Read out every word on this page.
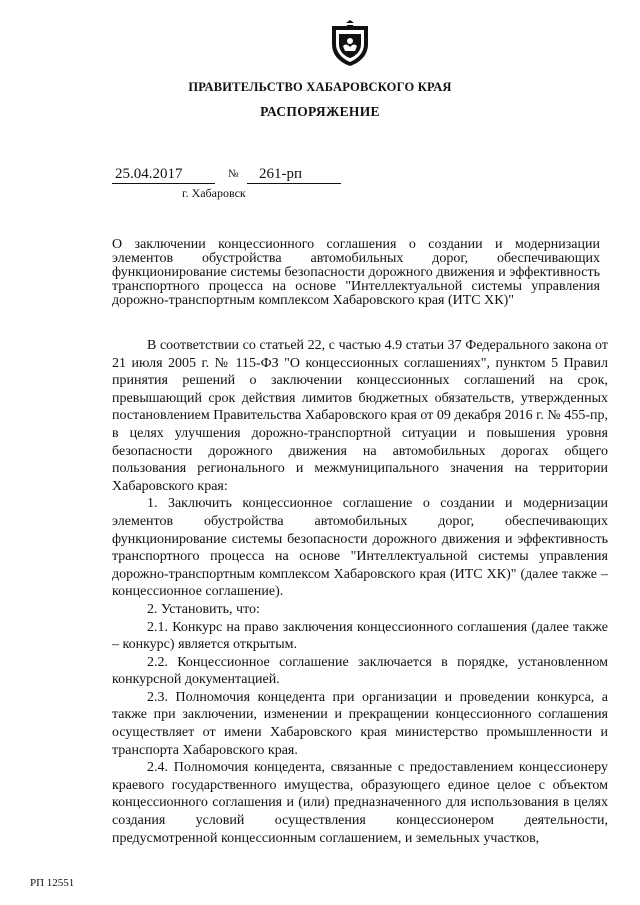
ПРАВИТЕЛЬСТВО ХАБАРОВСКОГО КРАЯ
РАСПОРЯЖЕНИЕ
25.04.2017	№	261-рп
г. Хабаровск
О заключении концессионного соглашения о создании и модернизации элементов обустройства автомобильных дорог, обеспечивающих функционирование системы безопасности дорожного движения и эффективность транспортного процесса на основе "Интеллектуальной системы управления дорожно-транспортным комплексом Хабаровского края (ИТС ХК)"

В соответствии со статьей 22, с частью 4.9 статьи 37 Федерального закона от 21 июля 2005 г. № 115-ФЗ "О концессионных соглашениях", пунктом 5 Правил принятия решений о заключении концессионных соглашений на срок, превышающий срок действия лимитов бюджетных обязательств, утвержденных постановлением Правительства Хабаровского края от 09 декабря 2016 г. № 455-пр, в целях улучшения дорожно-транспортной ситуации и повышения уровня безопасности дорожного движения на автомобильных дорогах общего пользования регионального и межмуниципального значения на территории Хабаровского края:

1. Заключить концессионное соглашение о создании и модернизации элементов обустройства автомобильных дорог, обеспечивающих функционирование системы безопасности дорожного движения и эффективность транспортного процесса на основе "Интеллектуальной системы управления дорожно-транспортным комплексом Хабаровского края (ИТС ХК)" (далее также – концессионное соглашение).

2. Установить, что:

2.1. Конкурс на право заключения концессионного соглашения (далее также – конкурс) является открытым.

2.2. Концессионное соглашение заключается в порядке, установленном конкурсной документацией.

2.3. Полномочия концедента при организации и проведении конкурса, а также при заключении, изменении и прекращении концессионного соглашения осуществляет от имени Хабаровского края министерство промышленности и транспорта Хабаровского края.

2.4. Полномочия концедента, связанные с предоставлением концессионеру краевого государственного имущества, образующего единое целое с объектом концессионного соглашения и (или) предназначенного для использования в целях создания условий осуществления концессионером деятельности, предусмотренной концессионным соглашением, и земельных участков,

РП 12551
